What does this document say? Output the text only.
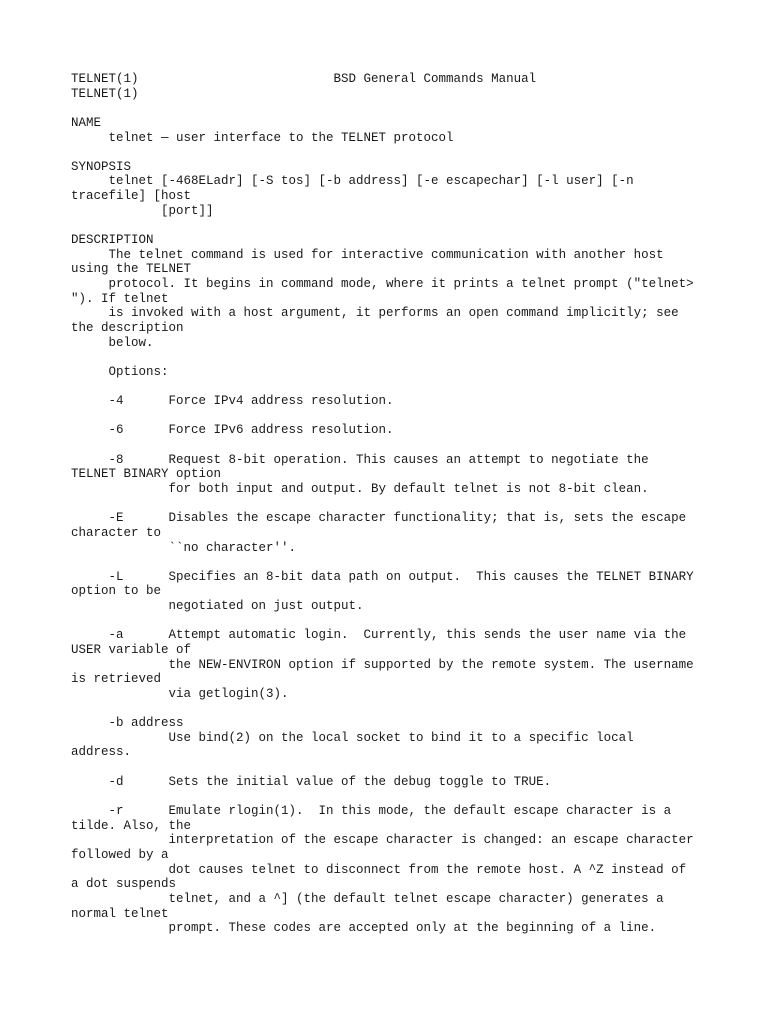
TELNET(1)                          BSD General Commands Manual
TELNET(1)
NAME
telnet — user interface to the TELNET protocol
SYNOPSIS
telnet [-468ELadr] [-S tos] [-b address] [-e escapechar] [-l user] [-n
tracefile] [host
[port]]
DESCRIPTION
The telnet command is used for interactive communication with another host
using the TELNET
protocol. It begins in command mode, where it prints a telnet prompt ("telnet>
"). If telnet
is invoked with a host argument, it performs an open command implicitly; see
the description
below.
Options:
-4      Force IPv4 address resolution.
-6      Force IPv6 address resolution.
-8      Request 8-bit operation. This causes an attempt to negotiate the
TELNET BINARY option
for both input and output. By default telnet is not 8-bit clean.
-E      Disables the escape character functionality; that is, sets the escape
character to
``no character''.
-L      Specifies an 8-bit data path on output.  This causes the TELNET BINARY
option to be
negotiated on just output.
-a      Attempt automatic login.  Currently, this sends the user name via the
USER variable of
the NEW-ENVIRON option if supported by the remote system. The username
is retrieved
via getlogin(3).
-b address
Use bind(2) on the local socket to bind it to a specific local
address.
-d      Sets the initial value of the debug toggle to TRUE.
-r      Emulate rlogin(1).  In this mode, the default escape character is a
tilde. Also, the
interpretation of the escape character is changed: an escape character
followed by a
dot causes telnet to disconnect from the remote host. A ^Z instead of
a dot suspends
telnet, and a ^] (the default telnet escape character) generates a
normal telnet
prompt. These codes are accepted only at the beginning of a line.
